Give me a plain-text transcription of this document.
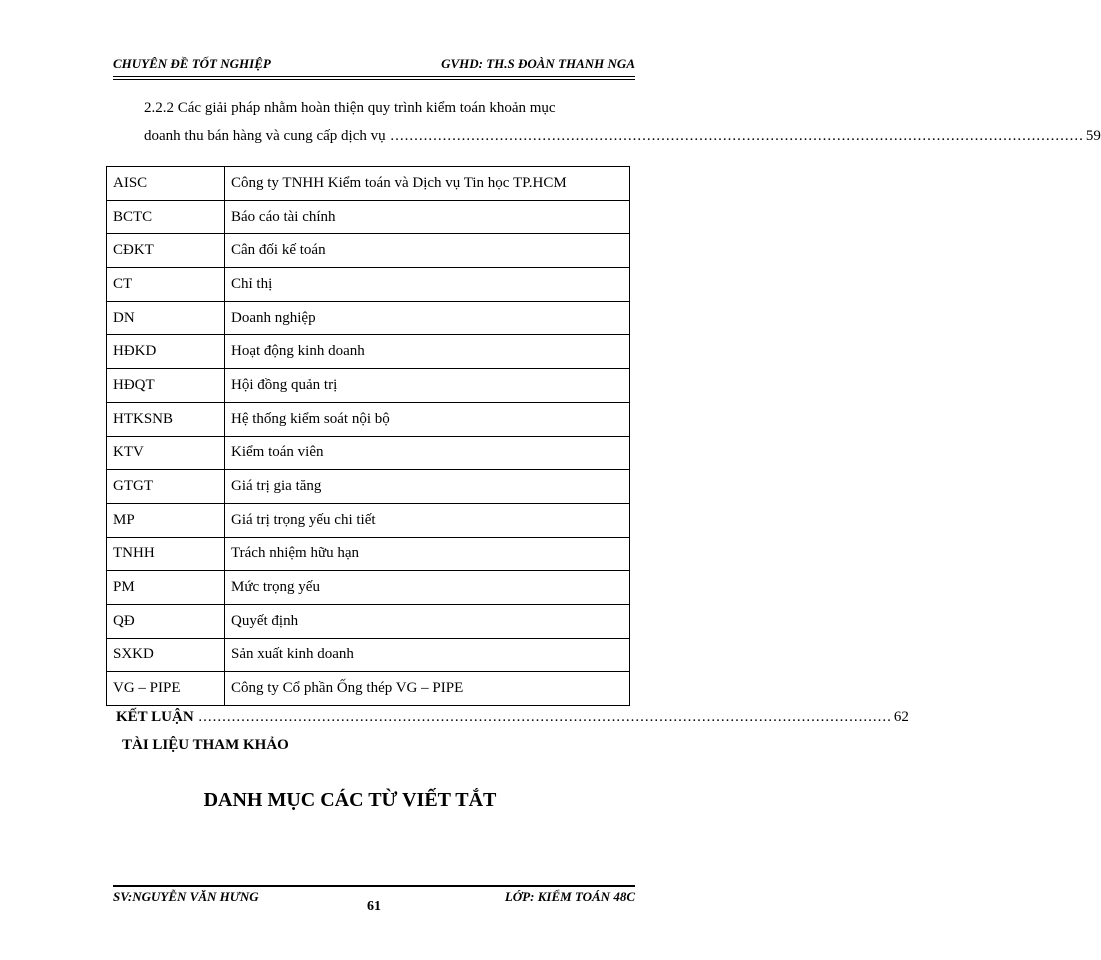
CHUYÊN ĐỀ TỐT NGHIỆP	GVHD: TH.S ĐOÀN THANH NGA
2.2.2 Các giải pháp nhằm hoàn thiện quy trình kiểm toán khoản mục
doanh thu bán hàng và cung cấp dịch vụ .................................................................................................................................................. 59
AISC	Công ty TNHH Kiểm toán và Dịch vụ Tin học TP.HCM
BCTC	Báo cáo tài chính
CĐKT	Cân đối kế toán
CT	Chỉ thị
DN	Doanh nghiệp
HĐKD	Hoạt động kinh doanh
HĐQT	Hội đồng quản trị
HTKSNB	Hệ thống kiểm soát nội bộ
KTV	Kiểm toán viên
GTGT	Giá trị gia tăng
MP	Giá trị trọng yếu chi tiết
TNHH	Trách nhiệm hữu hạn
PM	Mức trọng yếu
QĐ	Quyết định
SXKD	Sản xuất kinh doanh
VG – PIPE	Công ty Cổ phần Ống thép VG – PIPE
KẾT LUẬN .................................................................................................................................................. 62
TÀI LIỆU THAM KHẢO
DANH MỤC CÁC TỪ VIẾT TẮT
SV:NGUYỄN VĂN HƯNG	LỚP: KIỂM TOÁN 48C
61
